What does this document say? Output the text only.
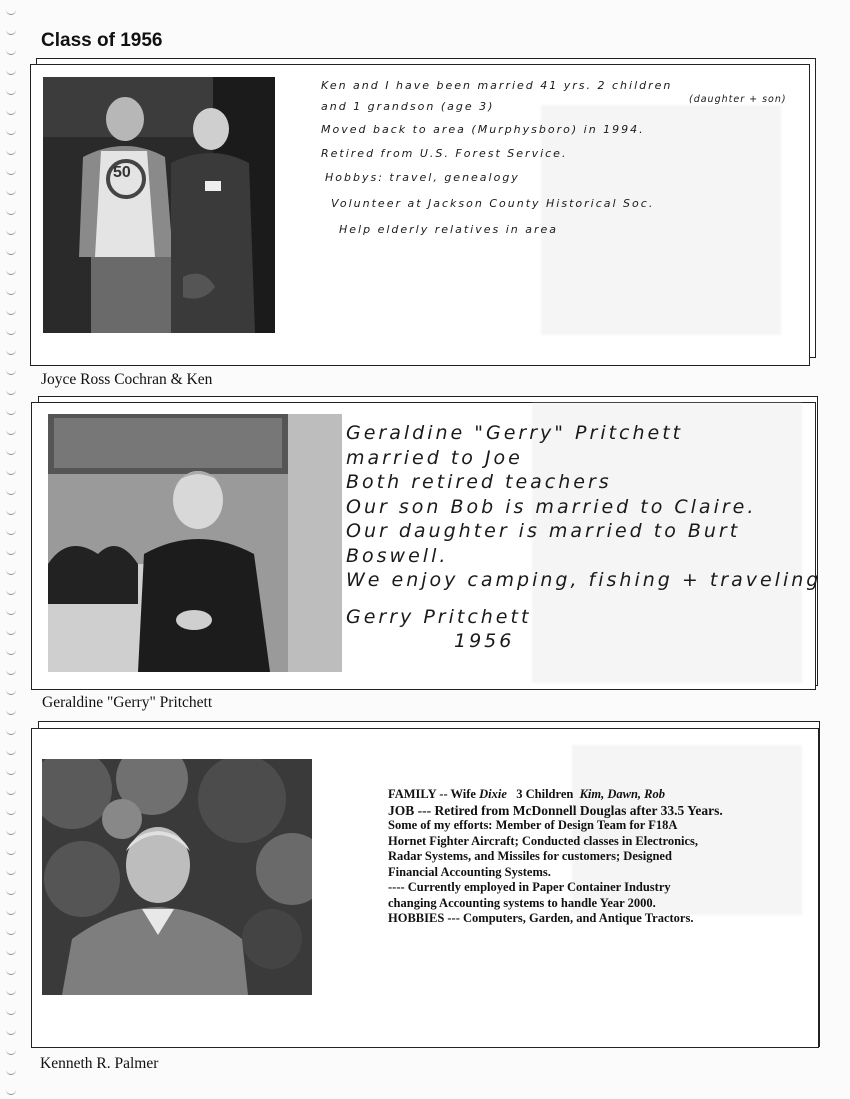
Class of 1956
50
Ken and I have been married 41 yrs. 2 children
and 1 grandson (age 3)
(daughter + son)
Moved back to area (Murphysboro) in 1994.
Retired from U.S. Forest Service.
Hobbys: travel, genealogy
Volunteer at Jackson County Historical Soc.
Help elderly relatives in area
Joyce Ross Cochran & Ken
Geraldine "Gerry" Pritchett
married to Joe
Both retired teachers
Our son Bob is married to Claire.
Our daughter is married to Burt
Boswell.
We enjoy camping, fishing + traveling
Gerry Pritchett
1956
Geraldine "Gerry" Pritchett
FAMILY -- Wife Dixie 3 Children Kim, Dawn, Rob
JOB --- Retired from McDonnell Douglas after 33.5 Years.
Some of my efforts: Member of Design Team for F18A
Hornet Fighter Aircraft; Conducted classes in Electronics,
Radar Systems, and Missiles for customers; Designed
Financial Accounting Systems.
---- Currently employed in Paper Container Industry
changing Accounting systems to handle Year 2000.
HOBBIES --- Computers, Garden, and Antique Tractors.
Kenneth R. Palmer
